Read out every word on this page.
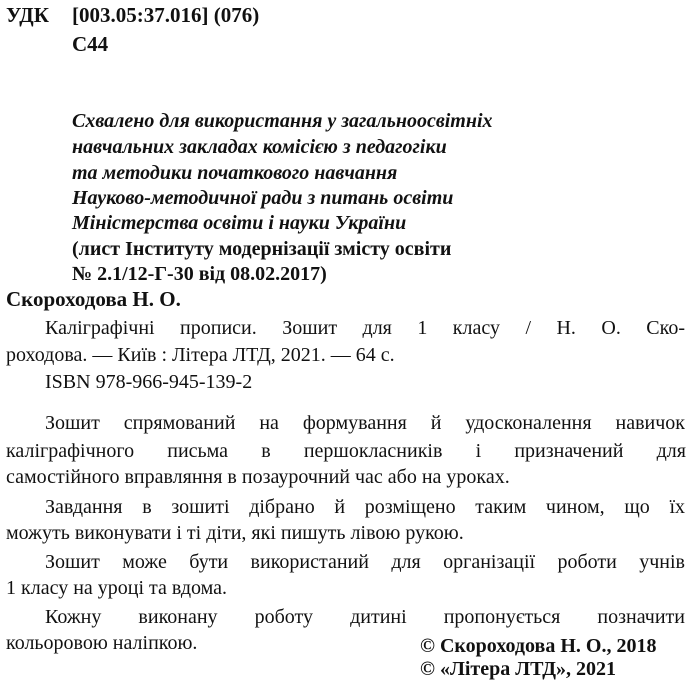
УДК [003.05:37.016] (076)
С44
Схвалено для використання у загальноосвітніх
навчальних закладах комісією з педагогіки
та методики початкового навчання
Науково-методичної ради з питань освіти
Міністерства освіти і науки України
(лист Інституту модернізації змісту освіти
№ 2.1/12-Г-30 від 08.02.2017)
Скороходова Н. О.
Каліграфічні прописи. Зошит для 1 класу / Н. О. Ско-
роходова. — Київ : Літера ЛТД, 2021. — 64 с.
ISBN 978-966-945-139-2
Зошит спрямований на формування й удосконалення навичок
каліграфічного письма в першокласників і призначений для
самостійного вправляння в позаурочний час або на уроках.
Завдання в зошиті дібрано й розміщено таким чином, що їх
можуть виконувати і ті діти, які пишуть лівою рукою.
Зошит може бути використаний для організації роботи учнів
1 класу на уроці та вдома.
Кожну виконану роботу дитині пропонується позначити
кольоровою наліпкою.	© Скороходова Н. О., 2018
© «Літера ЛТД», 2021
